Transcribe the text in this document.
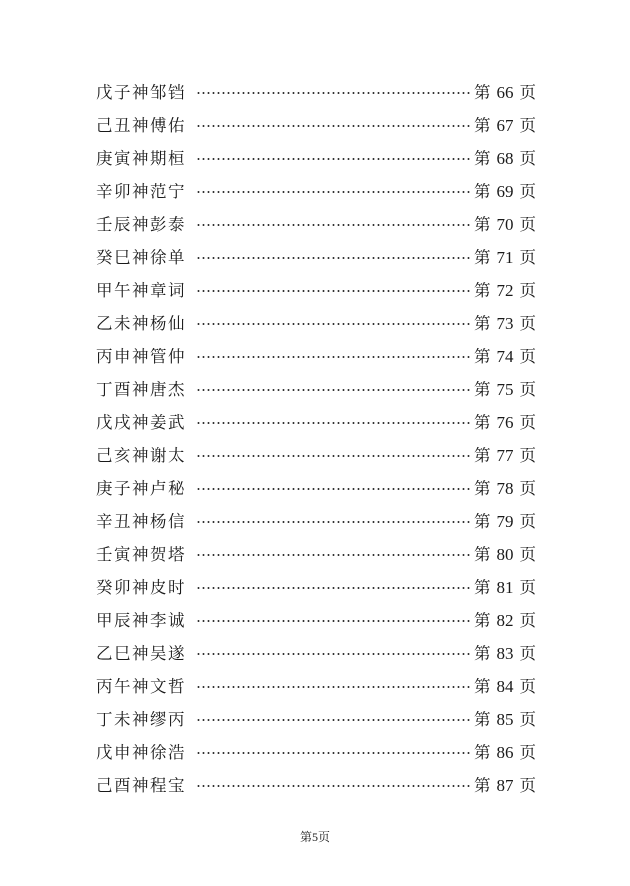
戊子神邹铛	第 66 页
己丑神傅佑	第 67 页
庚寅神期桓	第 68 页
辛卯神范宁	第 69 页
壬辰神彭泰	第 70 页
癸巳神徐单	第 71 页
甲午神章词	第 72 页
乙未神杨仙	第 73 页
丙申神管仲	第 74 页
丁酉神唐杰	第 75 页
戊戌神姜武	第 76 页
己亥神谢太	第 77 页
庚子神卢秘	第 78 页
辛丑神杨信	第 79 页
壬寅神贺塔	第 80 页
癸卯神皮时	第 81 页
甲辰神李诚	第 82 页
乙巳神吴遂	第 83 页
丙午神文哲	第 84 页
丁未神缪丙	第 85 页
戊申神徐浩	第 86 页
己酉神程宝	第 87 页
第5页
